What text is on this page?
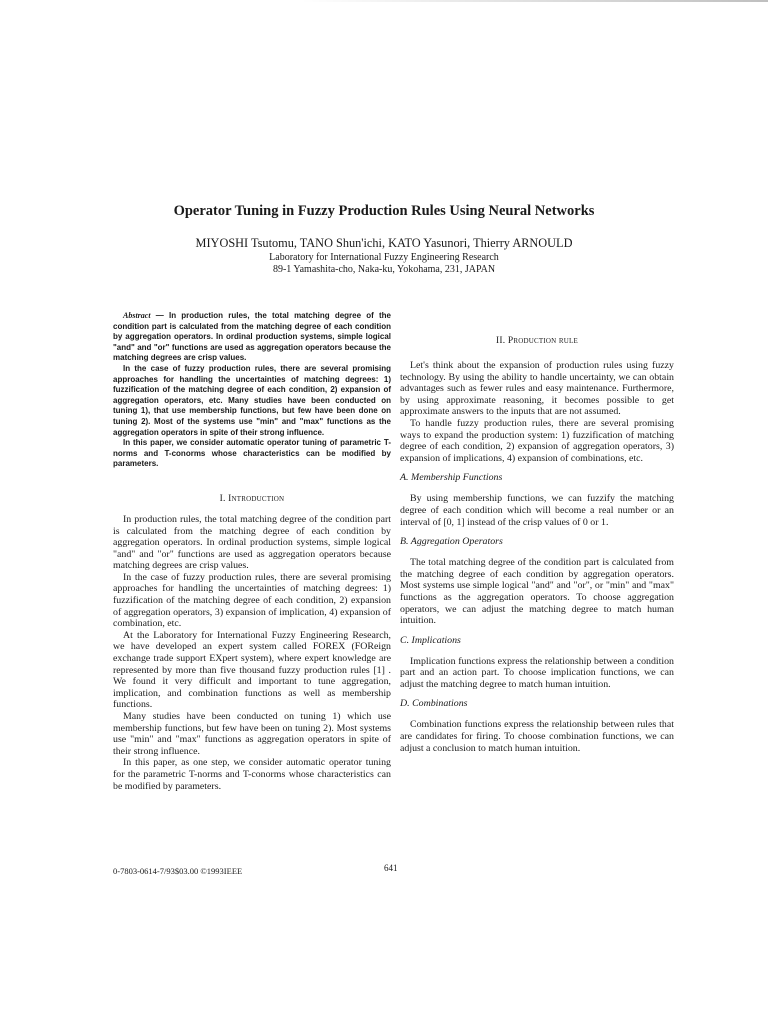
Operator Tuning in Fuzzy Production Rules Using Neural Networks
MIYOSHI Tsutomu, TANO Shun'ichi, KATO Yasunori, Thierry ARNOULD
Laboratory for International Fuzzy Engineering Research
89-1 Yamashita-cho, Naka-ku, Yokohama, 231, JAPAN

Abstract — In production rules, the total matching degree of the condition part is calculated from the matching degree of each condition by aggregation operators. In ordinal production systems, simple logical "and" and "or" functions are used as aggregation operators because the matching degrees are crisp values.

In the case of fuzzy production rules, there are several promising approaches for handling the uncertainties of matching degrees: 1) fuzzification of the matching degree of each condition, 2) expansion of aggregation operators, etc. Many studies have been conducted on tuning 1), that use membership functions, but few have been done on tuning 2). Most of the systems use "min" and "max" functions as the aggregation operators in spite of their strong influence.

In this paper, we consider automatic operator tuning of parametric T-norms and T-conorms whose characteristics can be modified by parameters.

I. Introduction

In production rules, the total matching degree of the condition part is calculated from the matching degree of each condition by aggregation operators. In ordinal production systems, simple logical "and" and "or" functions are used as aggregation operators because matching degrees are crisp values.

In the case of fuzzy production rules, there are several promising approaches for handling the uncertainties of matching degrees: 1) fuzzification of the matching degree of each condition, 2) expansion of aggregation operators, 3) expansion of implication, 4) expansion of combination, etc.

At the Laboratory for International Fuzzy Engineering Research, we have developed an expert system called FOREX (FOReign exchange trade support EXpert system), where expert knowledge are represented by more than five thousand fuzzy production rules [1] . We found it very difficult and important to tune aggregation, implication, and combination functions as well as membership functions.

Many studies have been conducted on tuning 1) which use membership functions, but few have been on tuning 2). Most systems use "min" and "max" functions as aggregation operators in spite of their strong influence.

In this paper, as one step, we consider automatic operator tuning for the parametric T-norms and T-conorms whose characteristics can be modified by parameters.

II. Production rule

Let's think about the expansion of production rules using fuzzy technology. By using the ability to handle uncertainty, we can obtain advantages such as fewer rules and easy maintenance. Furthermore, by using approximate reasoning, it becomes possible to get approximate answers to the inputs that are not assumed.

To handle fuzzy production rules, there are several promising ways to expand the production system: 1) fuzzification of matching degree of each condition, 2) expansion of aggregation operators, 3) expansion of implications, 4) expansion of combinations, etc.

A. Membership Functions

By using membership functions, we can fuzzify the matching degree of each condition which will become a real number or an interval of [0, 1] instead of the crisp values of 0 or 1.

B. Aggregation Operators

The total matching degree of the condition part is calculated from the matching degree of each condition by aggregation operators. Most systems use simple logical "and" and "or", or "min" and "max" functions as the aggregation operators. To choose aggregation operators, we can adjust the matching degree to match human intuition.

C. Implications

Implication functions express the relationship between a condition part and an action part. To choose implication functions, we can adjust the matching degree to match human intuition.

D. Combinations

Combination functions express the relationship between rules that are candidates for firing. To choose combination functions, we can adjust a conclusion to match human intuition.

0-7803-0614-7/93$03.00 ©1993IEEE	641
